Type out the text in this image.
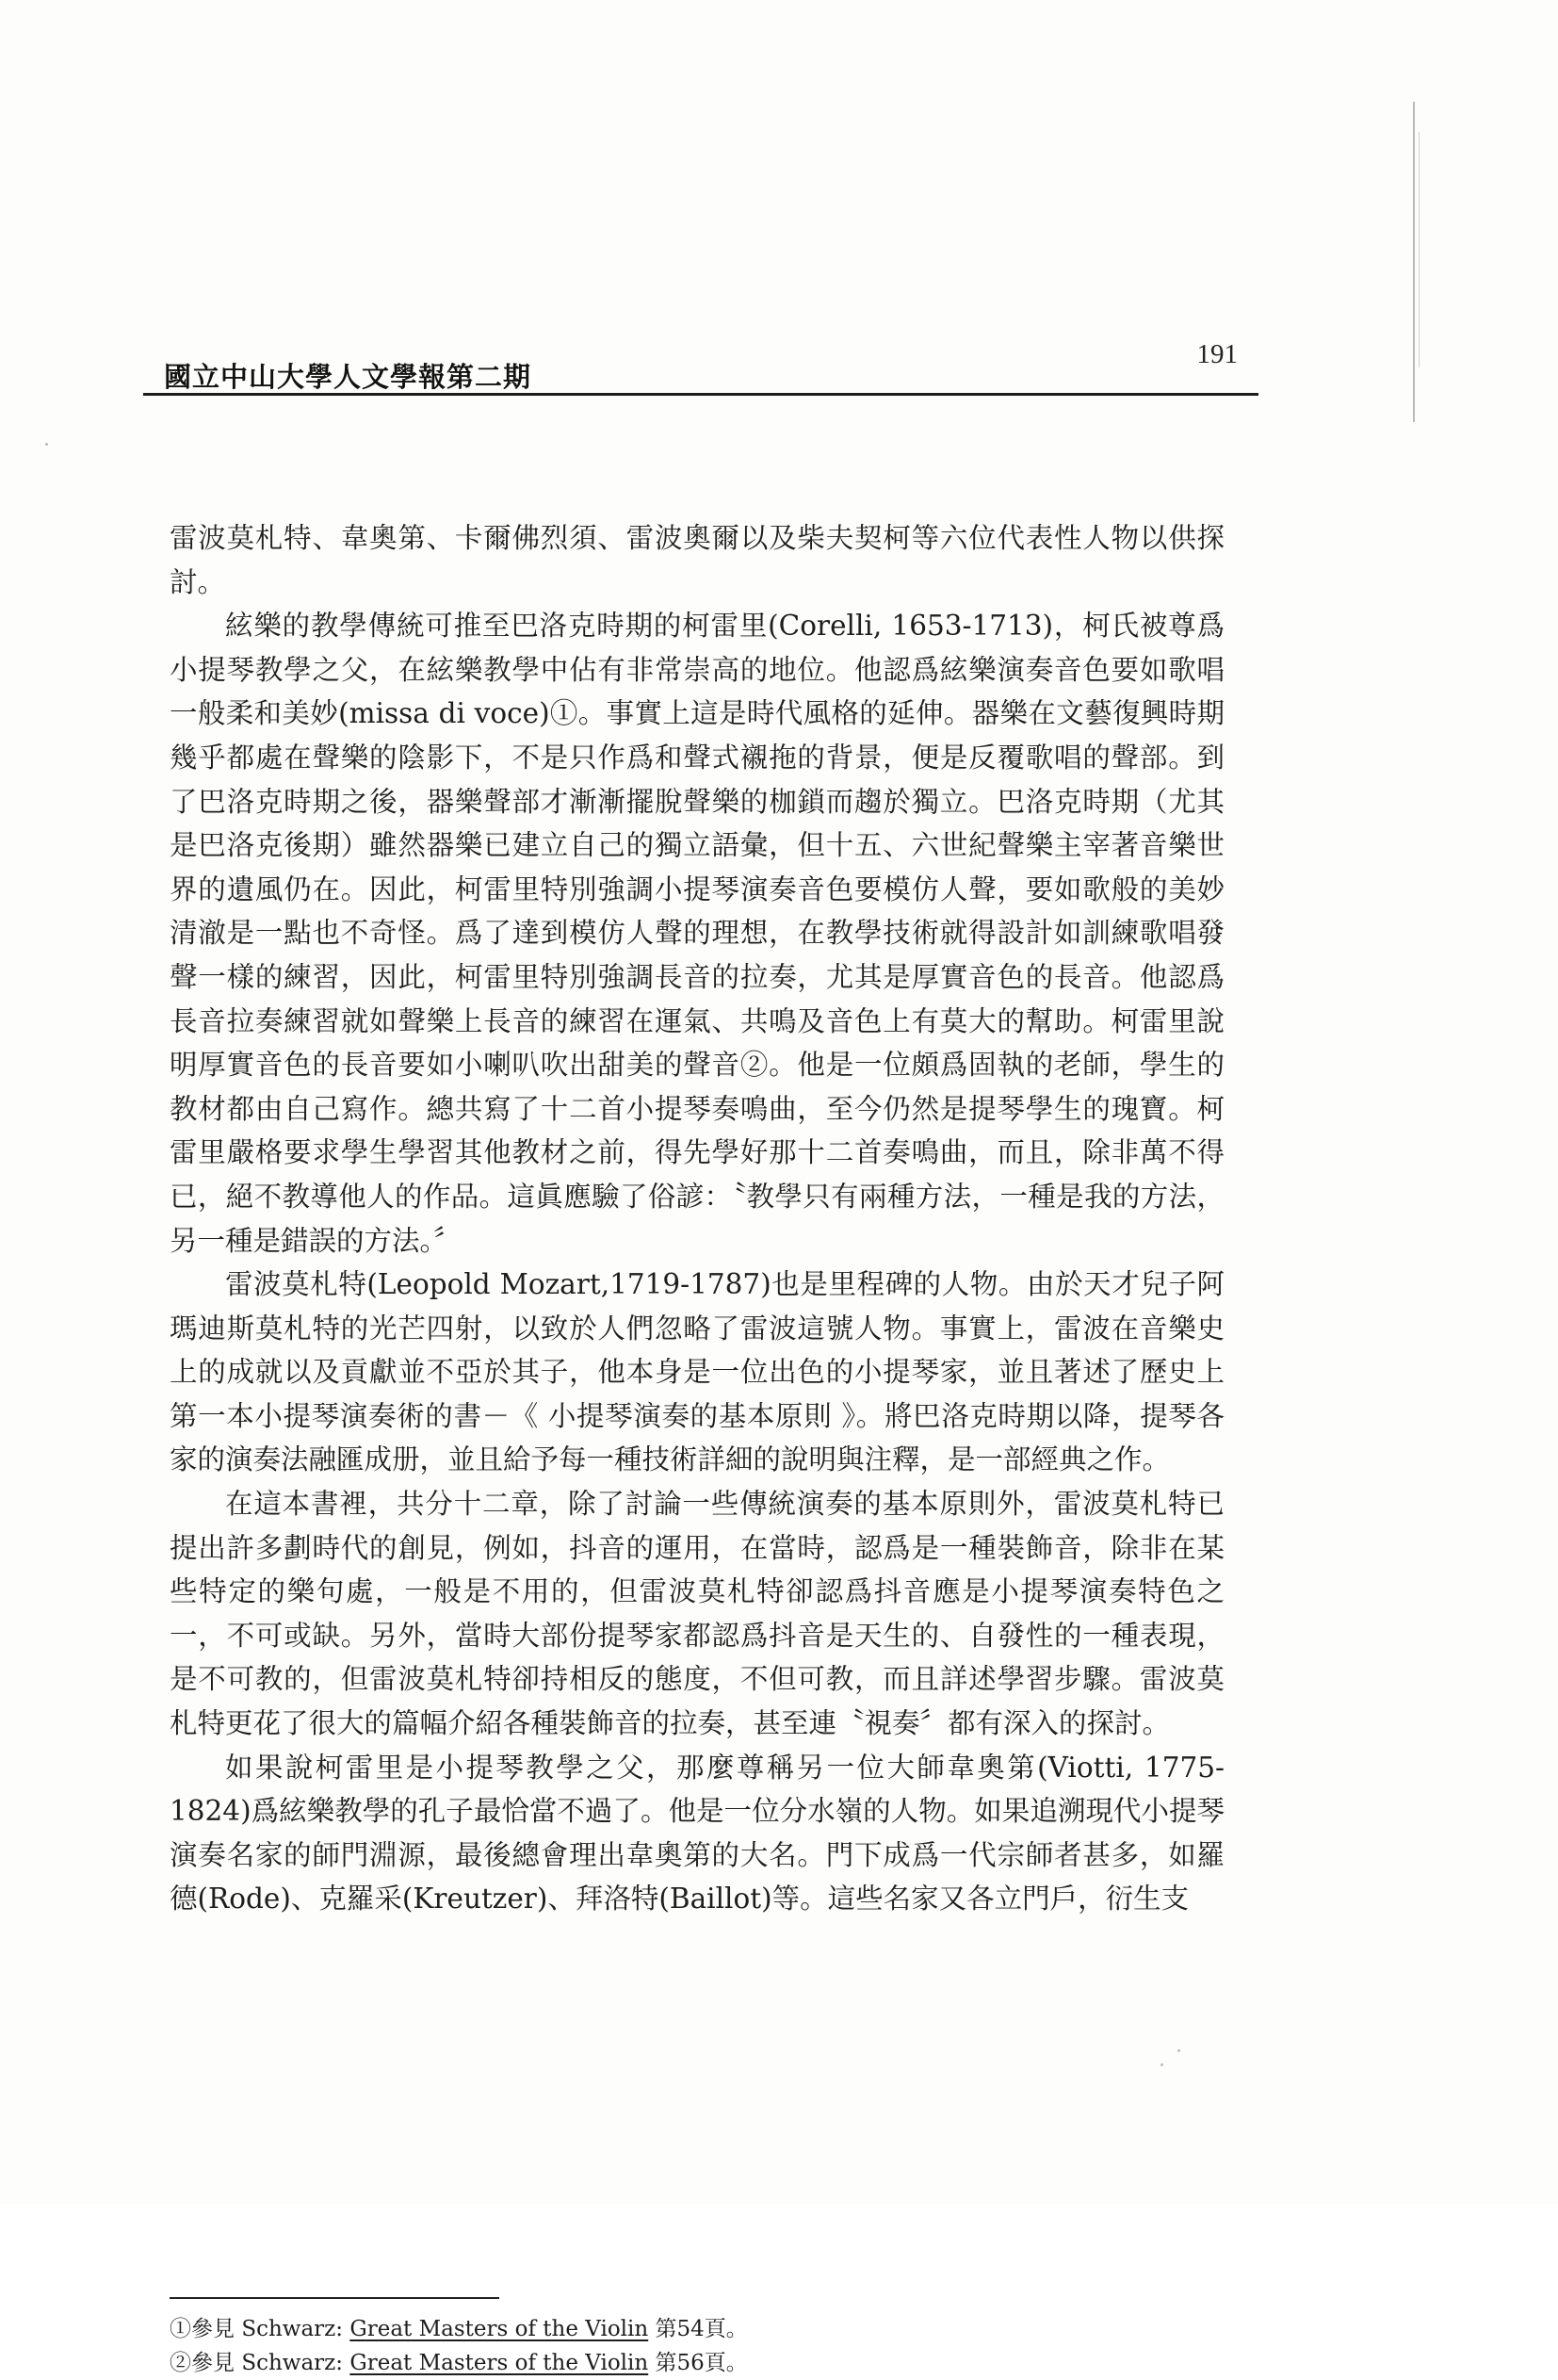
國立中山大學人文學報第二期
191

雷波莫札特、韋奧第、卡爾佛烈須、雷波奧爾以及柴夫契柯等六位代表性人物以供探討。

絃樂的教學傳統可推至巴洛克時期的柯雷里(Corelli, 1653-1713)，柯氏被尊爲小提琴教學之父，在絃樂教學中佔有非常崇高的地位。他認爲絃樂演奏音色要如歌唱一般柔和美妙(missa di voce)①。事實上這是時代風格的延伸。器樂在文藝復興時期幾乎都處在聲樂的陰影下，不是只作爲和聲式襯拖的背景，便是反覆歌唱的聲部。到了巴洛克時期之後，器樂聲部才漸漸擺脫聲樂的枷鎖而趨於獨立。巴洛克時期（尤其是巴洛克後期）雖然器樂已建立自己的獨立語彙，但十五、六世紀聲樂主宰著音樂世界的遺風仍在。因此，柯雷里特別強調小提琴演奏音色要模仿人聲，要如歌般的美妙清澈是一點也不奇怪。爲了達到模仿人聲的理想，在教學技術就得設計如訓練歌唱發聲一樣的練習，因此，柯雷里特別強調長音的拉奏，尤其是厚實音色的長音。他認爲長音拉奏練習就如聲樂上長音的練習在運氣、共鳴及音色上有莫大的幫助。柯雷里說明厚實音色的長音要如小喇叭吹出甜美的聲音②。他是一位頗爲固執的老師，學生的教材都由自己寫作。總共寫了十二首小提琴奏鳴曲，至今仍然是提琴學生的瑰寶。柯雷里嚴格要求學生學習其他教材之前，得先學好那十二首奏鳴曲，而且，除非萬不得已，絕不教導他人的作品。這眞應驗了俗諺：〝教學只有兩種方法，一種是我的方法，另一種是錯誤的方法。〞

雷波莫札特(Leopold Mozart,1719-1787)也是里程碑的人物。由於天才兒子阿瑪迪斯莫札特的光芒四射，以致於人們忽略了雷波這號人物。事實上，雷波在音樂史上的成就以及貢獻並不亞於其子，他本身是一位出色的小提琴家，並且著述了歷史上第一本小提琴演奏術的書－《 小提琴演奏的基本原則 》。將巴洛克時期以降，提琴各家的演奏法融匯成册，並且給予每一種技術詳細的說明與注釋，是一部經典之作。

在這本書裡，共分十二章，除了討論一些傳統演奏的基本原則外，雷波莫札特已提出許多劃時代的創見，例如，抖音的運用，在當時，認爲是一種裝飾音，除非在某些特定的樂句處，一般是不用的，但雷波莫札特卻認爲抖音應是小提琴演奏特色之一，不可或缺。另外，當時大部份提琴家都認爲抖音是天生的、自發性的一種表現，是不可教的，但雷波莫札特卻持相反的態度，不但可教，而且詳述學習步驟。雷波莫札特更花了很大的篇幅介紹各種裝飾音的拉奏，甚至連〝視奏〞都有深入的探討。

如果說柯雷里是小提琴教學之父，那麼尊稱另一位大師韋奧第(Viotti, 1775-1824)爲絃樂教學的孔子最恰當不過了。他是一位分水嶺的人物。如果追溯現代小提琴演奏名家的師門淵源，最後總會理出韋奧第的大名。門下成爲一代宗師者甚多，如羅德(Rode)、克羅采(Kreutzer)、拜洛特(Baillot)等。這些名家又各立門戶，衍生支

①參見 Schwarz: Great Masters of the Violin 第54頁。
②參見 Schwarz: Great Masters of the Violin 第56頁。
